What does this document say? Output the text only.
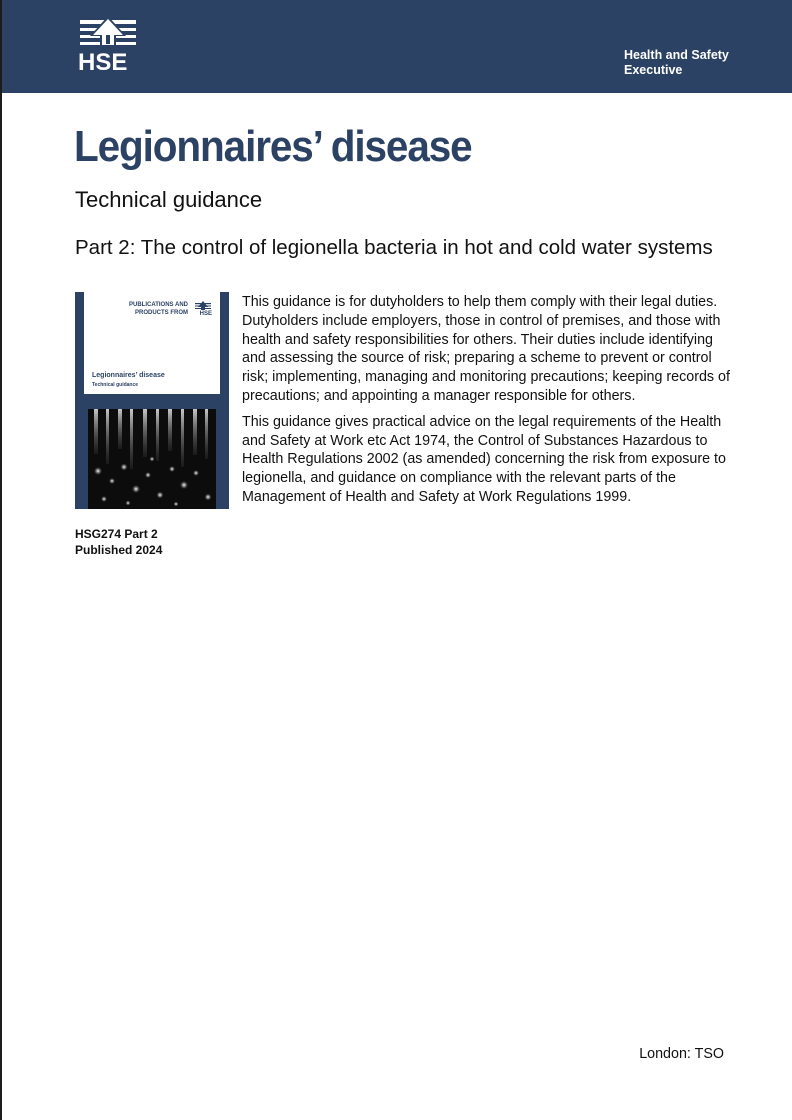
HSE	Health and Safety
Executive
Legionnaires’ disease
Technical guidance
Part 2: The control of legionella bacteria in hot and cold water systems
PUBLICATIONS AND
PRODUCTS FROM HSE
Legionnaires’ disease
Technical guidance

This guidance is for dutyholders to help them comply with their legal duties. Dutyholders include employers, those in control of premises, and those with health and safety responsibilities for others. Their duties include identifying and assessing the source of risk; preparing a scheme to prevent or control risk; implementing, managing and monitoring precautions; keeping records of precautions; and appointing a manager responsible for others.

This guidance gives practical advice on the legal requirements of the Health and Safety at Work etc Act 1974, the Control of Substances Hazardous to Health Regulations 2002 (as amended) concerning the risk from exposure to legionella, and guidance on compliance with the relevant parts of the Management of Health and Safety at Work Regulations 1999.

HSG274 Part 2
Published 2024
London: TSO
